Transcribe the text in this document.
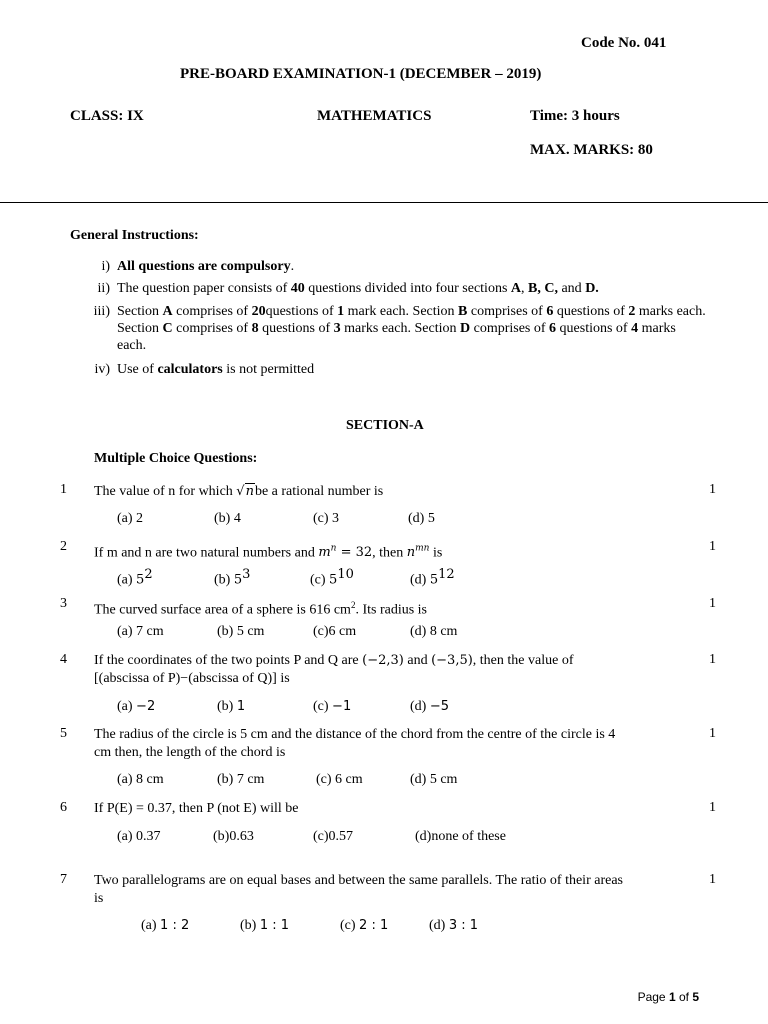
Code No. 041
PRE-BOARD EXAMINATION-1 (DECEMBER – 2019)
CLASS: IX	MATHEMATICS	Time: 3 hours
MAX. MARKS: 80
General Instructions:
i) All questions are compulsory.
ii) The question paper consists of 40 questions divided into four sections A, B, C, and D.
iii) Section A comprises of 20questions of 1 mark each. Section B comprises of 6 questions of 2 marks each. Section C comprises of 8 questions of 3 marks each. Section D comprises of 6 questions of 4 marks each.
iv) Use of calculators is not permitted
SECTION-A
Multiple Choice Questions:
1 The value of n for which √nbe a rational number is	1
(a) 2	(b) 4	(c) 3	(d) 5
2 If m and n are two natural numbers and $m^n = 32$, then $n^{mn}$ is	1
(a) $5^2$	(b) $5^3$	(c) $5^{10}$	(d) $5^{12}$
3 The curved surface area of a sphere is 616 $cm^2$. Its radius is	1
(a) 7 cm	(b) 5 cm	(c)6 cm	(d) 8 cm
4 If the coordinates of the two points P and Q are (−2,3) and (−3,5), then the value of
[(abscissa of P)−(abscissa of Q)] is
1
(a) −2	(b) 1	(c) −1	(d) −5
5 The radius of the circle is 5 cm and the distance of the chord from the centre of the circle is 4
cm then, the length of the chord is
1
(a) 8 cm	(b) 7 cm	(c) 6 cm	(d) 5 cm
6 If P(E) = 0.37, then P (not E) will be	1
(a) 0.37	(b)0.63	(c)0.57	(d)none of these
7 Two parallelograms are on equal bases and between the same parallels. The ratio of their areas
is
1
(a) 1 : 2	(b) 1 : 1	(c) 2 : 1	(d) 3 : 1
Page 1 of 5
